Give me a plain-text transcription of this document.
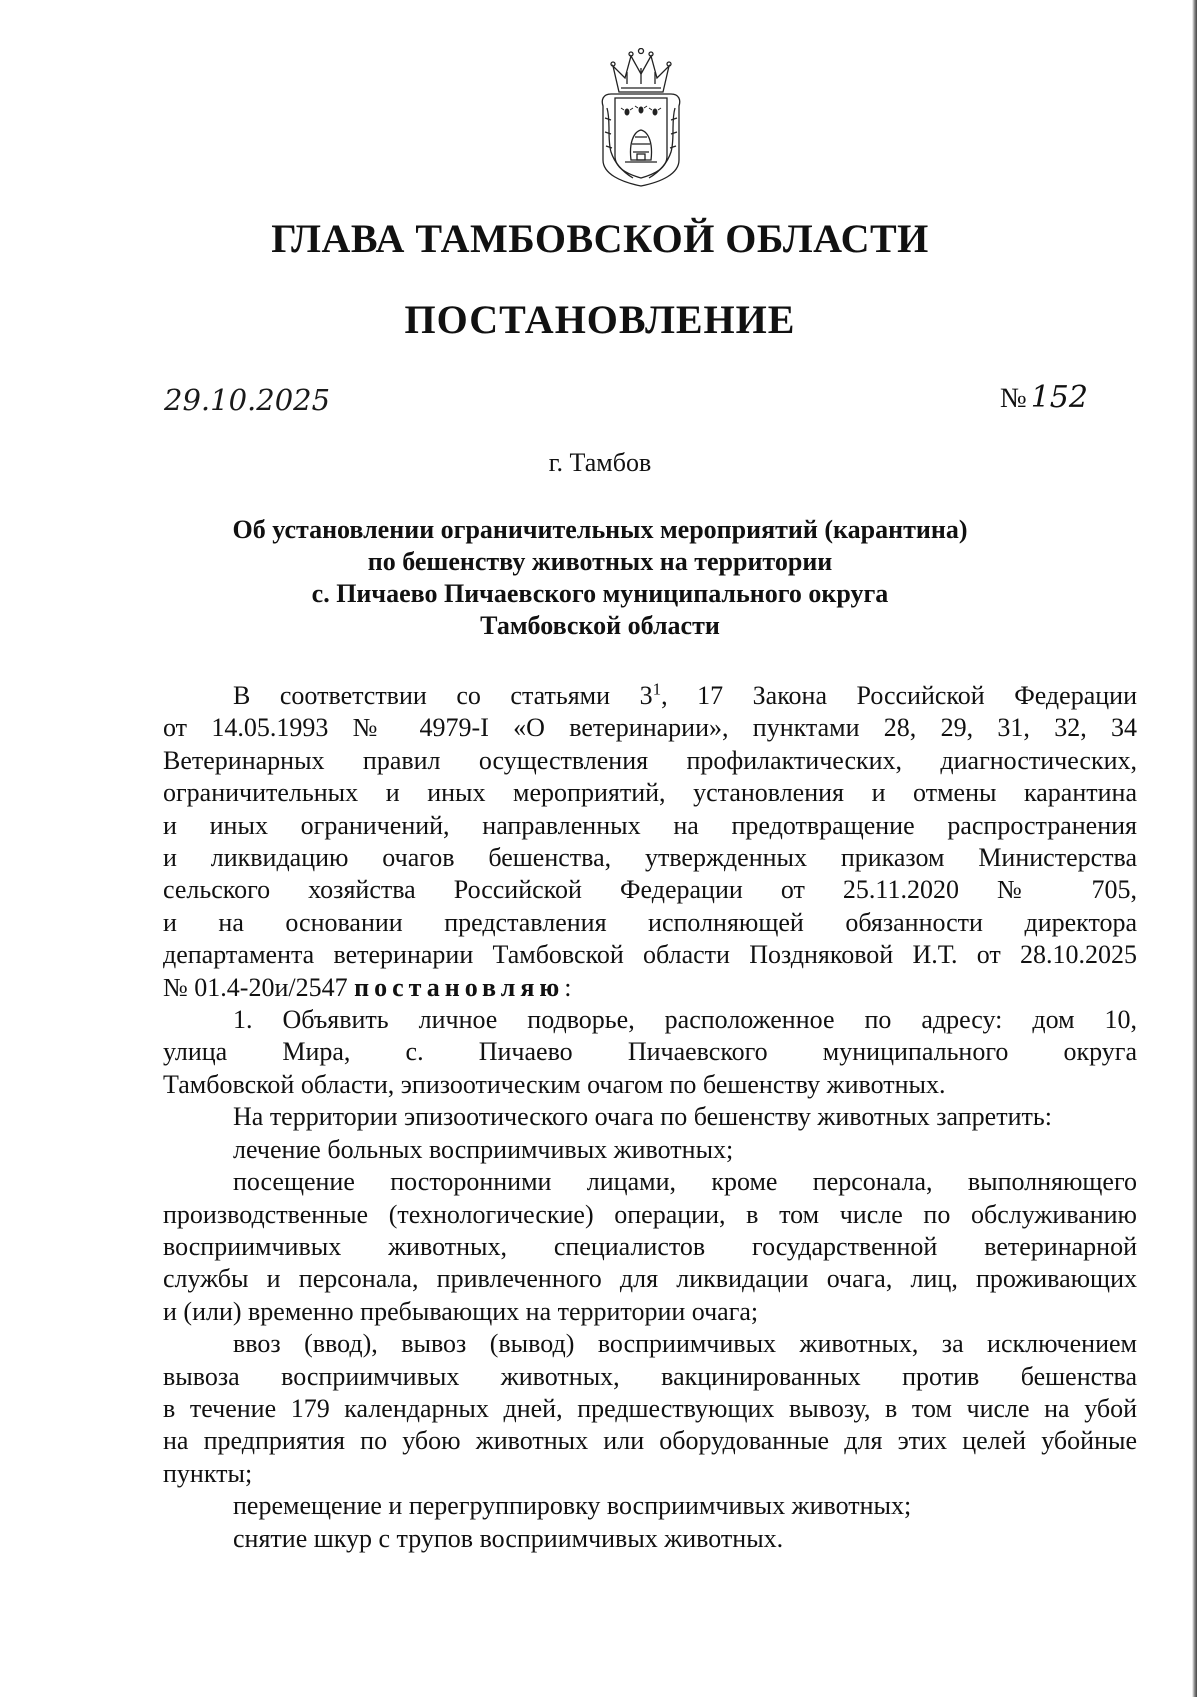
ГЛАВА ТАМБОВСКОЙ ОБЛАСТИ
ПОСТАНОВЛЕНИЕ
29.10.2025	№ 152
г. Тамбов
Об установлении ограничительных мероприятий (карантина)
по бешенству животных на территории
с. Пичаево Пичаевского муниципального округа
Тамбовской области
В соответствии со статьями $3^1$, 17 Закона Российской Федерации
от 14.05.1993 № 4979-I «О ветеринарии», пунктами 28, 29, 31, 32, 34
Ветеринарных правил осуществления профилактических, диагностических,
ограничительных и иных мероприятий, установления и отмены карантина
и иных ограничений, направленных на предотвращение распространения
и ликвидацию очагов бешенства, утвержденных приказом Министерства
сельского хозяйства Российской Федерации от 25.11.2020 № 705,
и на основании представления исполняющей обязанности директора
департамента ветеринарии Тамбовской области Поздняковой И.Т. от 28.10.2025
№ 01.4-20и/2547 постановляю:
1. Объявить личное подворье, расположенное по адресу: дом 10,
улица Мира, с. Пичаево Пичаевского муниципального округа
Тамбовской области, эпизоотическим очагом по бешенству животных.
На территории эпизоотического очага по бешенству животных запретить:
лечение больных восприимчивых животных;
посещение посторонними лицами, кроме персонала, выполняющего
производственные (технологические) операции, в том числе по обслуживанию
восприимчивых животных, специалистов государственной ветеринарной
службы и персонала, привлеченного для ликвидации очага, лиц, проживающих
и (или) временно пребывающих на территории очага;
ввоз (ввод), вывоз (вывод) восприимчивых животных, за исключением
вывоза восприимчивых животных, вакцинированных против бешенства
в течение 179 календарных дней, предшествующих вывозу, в том числе на убой
на предприятия по убою животных или оборудованные для этих целей убойные
пункты;
перемещение и перегруппировку восприимчивых животных;
снятие шкур с трупов восприимчивых животных.
